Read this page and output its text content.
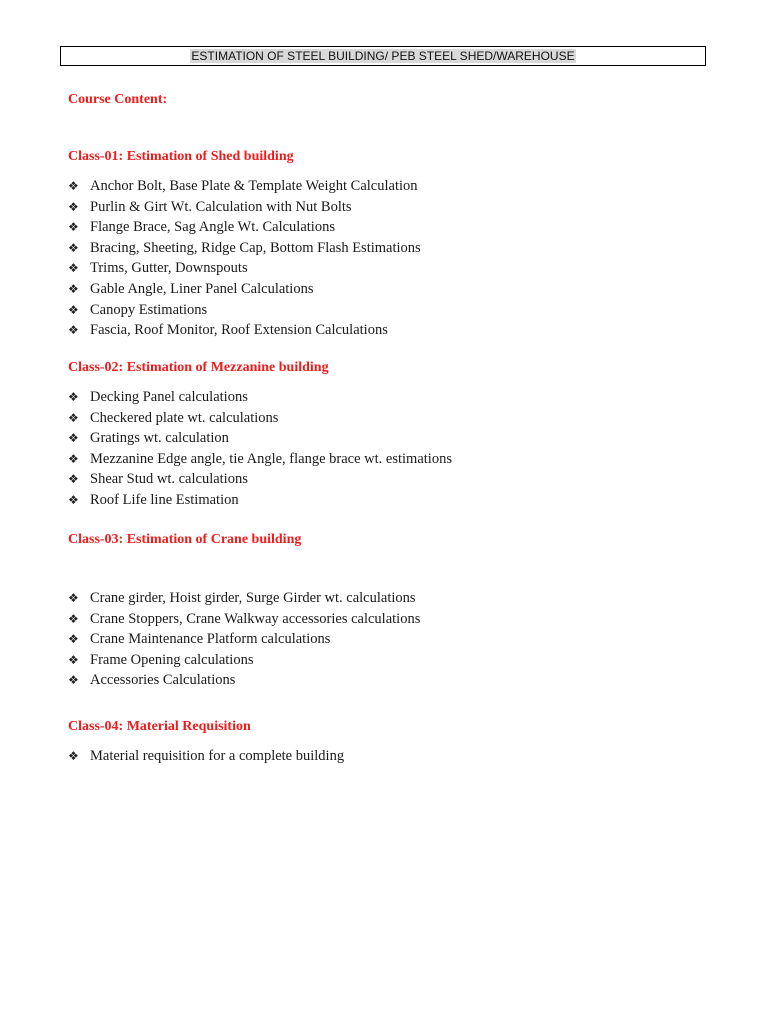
ESTIMATION OF STEEL BUILDING/ PEB STEEL SHED/WAREHOUSE
Course Content:
Class-01: Estimation of Shed building
❖ Anchor Bolt, Base Plate & Template Weight Calculation
❖ Purlin & Girt Wt. Calculation with Nut Bolts
❖ Flange Brace, Sag Angle Wt. Calculations
❖ Bracing, Sheeting, Ridge Cap, Bottom Flash Estimations
❖ Trims, Gutter, Downspouts
❖ Gable Angle, Liner Panel Calculations
❖ Canopy Estimations
❖ Fascia, Roof Monitor, Roof Extension Calculations
Class-02: Estimation of Mezzanine building
❖ Decking Panel calculations
❖ Checkered plate wt. calculations
❖ Gratings wt. calculation
❖ Mezzanine Edge angle, tie Angle, flange brace wt. estimations
❖ Shear Stud wt. calculations
❖ Roof Life line Estimation
Class-03: Estimation of Crane building
❖ Crane girder, Hoist girder, Surge Girder wt. calculations
❖ Crane Stoppers, Crane Walkway accessories calculations
❖ Crane Maintenance Platform calculations
❖ Frame Opening calculations
❖ Accessories Calculations
Class-04: Material Requisition
❖ Material requisition for a complete building
